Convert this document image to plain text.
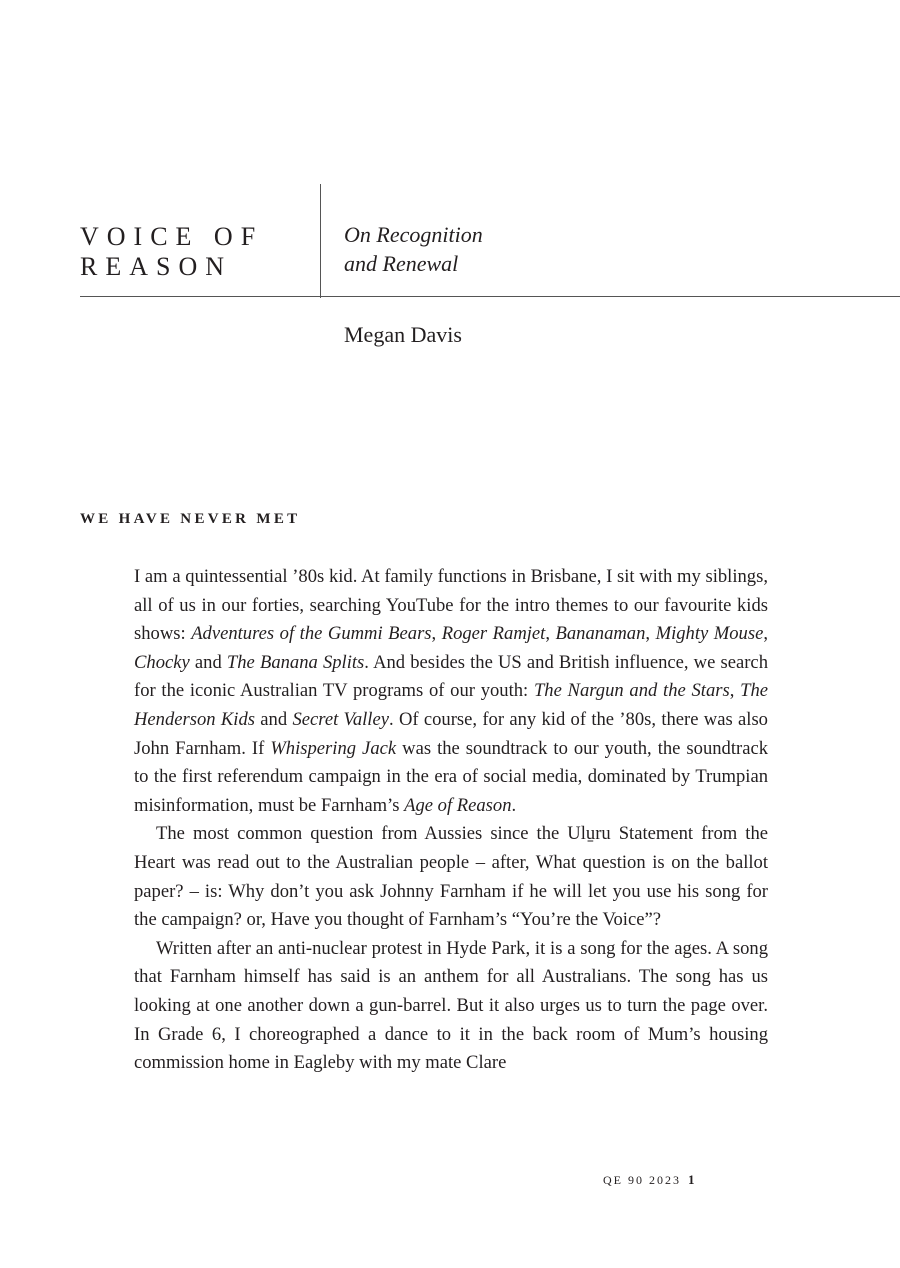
VOICE OF
REASON
On Recognition
and Renewal
Megan Davis
WE HAVE NEVER MET

I am a quintessential ’80s kid. At family functions in Brisbane, I sit with my siblings, all of us in our forties, searching YouTube for the intro themes to our favourite kids shows: Adventures of the Gummi Bears, Roger Ramjet, Bananaman, Mighty Mouse, Chocky and The Banana Splits. And besides the US and British influence, we search for the iconic Australian TV programs of our youth: The Nargun and the Stars, The Henderson Kids and Secret Valley. Of course, for any kid of the ’80s, there was also John Farnham. If Whispering Jack was the soundtrack to our youth, the soundtrack to the first referendum campaign in the era of social media, dominated by Trumpian misinformation, must be Farnham’s Age of Reason.

The most common question from Aussies since the Ulu̱ru Statement from the Heart was read out to the Australian people – after, What question is on the ballot paper? – is: Why don’t you ask Johnny Farnham if he will let you use his song for the campaign? or, Have you thought of Farnham’s “You’re the Voice”?

Written after an anti-nuclear protest in Hyde Park, it is a song for the ages. A song that Farnham himself has said is an anthem for all Australians. The song has us looking at one another down a gun-barrel. But it also urges us to turn the page over. In Grade 6, I choreographed a dance to it in the back room of Mum’s housing commission home in Eagleby with my mate Clare

QE 90 2023 1
